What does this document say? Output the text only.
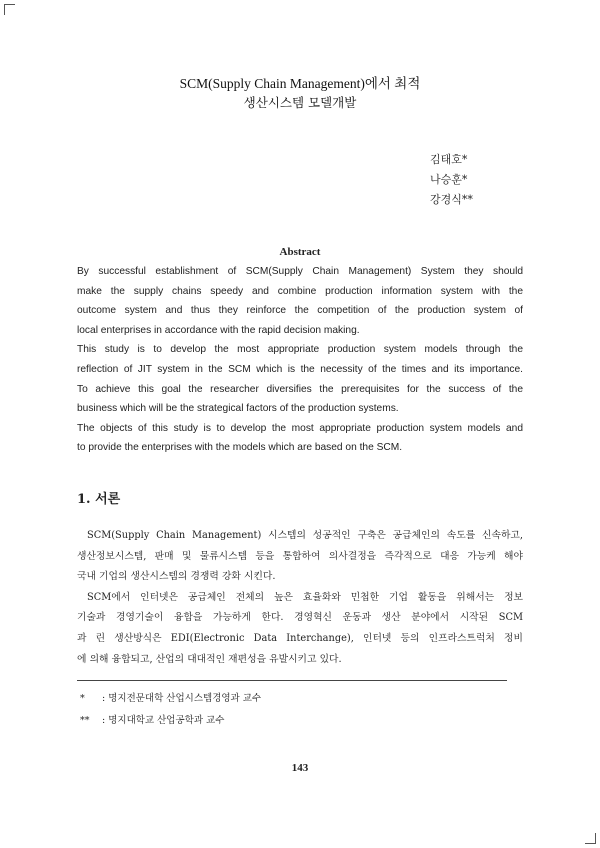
SCM(Supply Chain Management)에서 최적
생산시스템 모델개발
김태호*
나승훈*
강경식**
Abstract
By successful establishment of SCM(Supply Chain Management) System they should
make the supply chains speedy and combine production information system with the
outcome system and thus they reinforce the competition of the production system of
local enterprises in accordance with the rapid decision making.
This study is to develop the most appropriate production system models through the
reflection of JIT system in the SCM which is the necessity of the times and its importance.
To achieve this goal the researcher diversifies the prerequisites for the success of the
business which will be the strategical factors of the production systems.
The objects of this study is to develop the most appropriate production system models and
to provide the enterprises with the models which are based on the SCM.
1. 서론
SCM(Supply Chain Management) 시스템의 성공적인 구축은 공급체인의 속도를 신속하고,
생산정보시스템, 판매 및 물류시스템 등을 통합하여 의사결정을 즉각적으로 대응 가능케 해야
국내 기업의 생산시스템의 경쟁력 강화 시킨다.
SCM에서 인터넷은 공급체인 전체의 높은 효율화와 민첩한 기업 활동을 위해서는 정보
기술과 경영기술이 융합을 가능하게 한다. 경영혁신 운동과 생산 분야에서 시작된 SCM
과 린 생산방식은 EDI(Electronic Data Interchange), 인터넷 등의 인프라스트럭처 정비
에 의해 융합되고, 산업의 대대적인 재편성을 유발시키고 있다.
* : 명지전문대학 산업시스템경영과 교수
** : 명지대학교 산업공학과 교수
143
